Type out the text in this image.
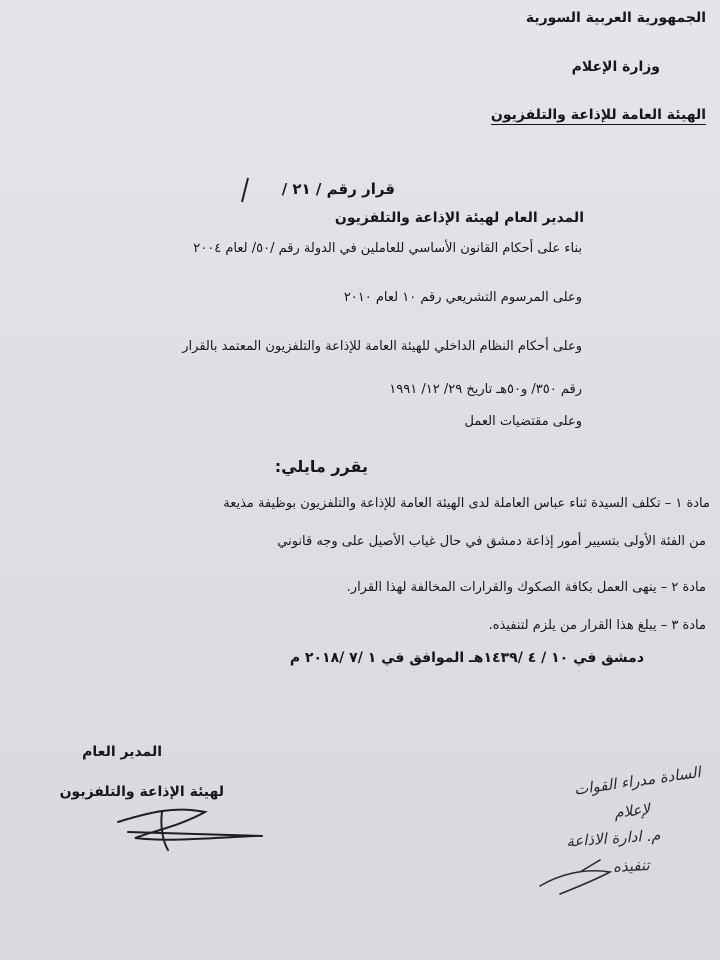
الجمهورية العربية السورية
وزارة الإعلام
الهيئة العامة للإذاعة والتلفزيون
قرار رقم / ٢١ /
المدير العام لهيئة الإذاعة والتلفزيون
بناء على أحكام القانون الأساسي للعاملين في الدولة رقم /٥٠/ لعام ٢٠٠٤
وعلى المرسوم التشريعي رقم ١٠ لعام ٢٠١٠
وعلى أحكام النظام الداخلي للهيئة العامة للإذاعة والتلفزيون المعتمد بالقرار
رقم ٣٥٠/ و٥٠هـ تاريخ ٢٩/ ١٢/ ١٩٩١
وعلى مقتضيات العمل
يقرر مايلي:
مادة ١ – تكلف السيدة ثناء عباس العاملة لدى الهيئة العامة للإذاعة والتلفزيون بوظيفة مذيعة
من الفئة الأولى بتسيير أمور إذاعة دمشق في حال غياب الأصيل على وجه قانوني
مادة ٢ – ينهى العمل بكافة الصكوك والقرارات المخالفة لهذا القرار.
مادة ٣ – يبلغ هذا القرار من يلزم لتنفيذه.
دمشق في ١٠ / ٤ /١٤٣٩هـ الموافق في ١ /٧ /٢٠١٨ م
المدير العام
لهيئة الإذاعة والتلفزيون	السادة مدراء القوات
لإعلام
م. ادارة الاذاعة
تنفيذه
